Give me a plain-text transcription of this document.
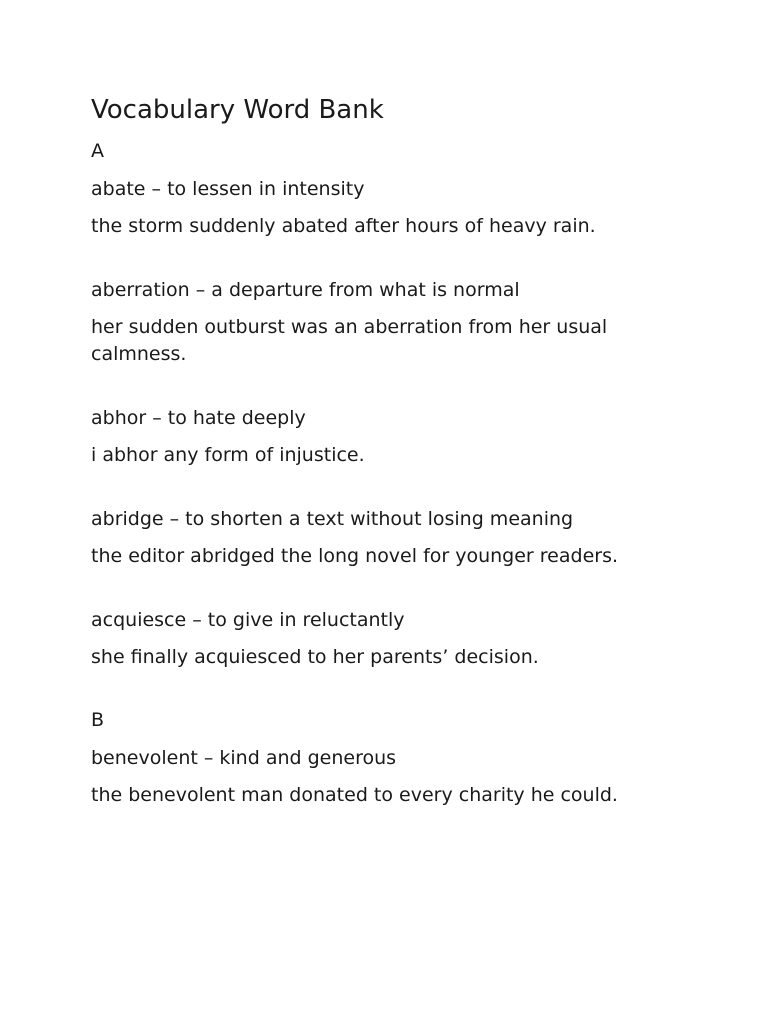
Vocabulary Word Bank
A

abate – to lessen in intensity

the storm suddenly abated after hours of heavy rain.

aberration – a departure from what is normal

her sudden outburst was an aberration from her usual calmness.

abhor – to hate deeply

i abhor any form of injustice.

abridge – to shorten a text without losing meaning

the editor abridged the long novel for younger readers.

acquiesce – to give in reluctantly

she finally acquiesced to her parents’ decision.

B

benevolent – kind and generous

the benevolent man donated to every charity he could.
